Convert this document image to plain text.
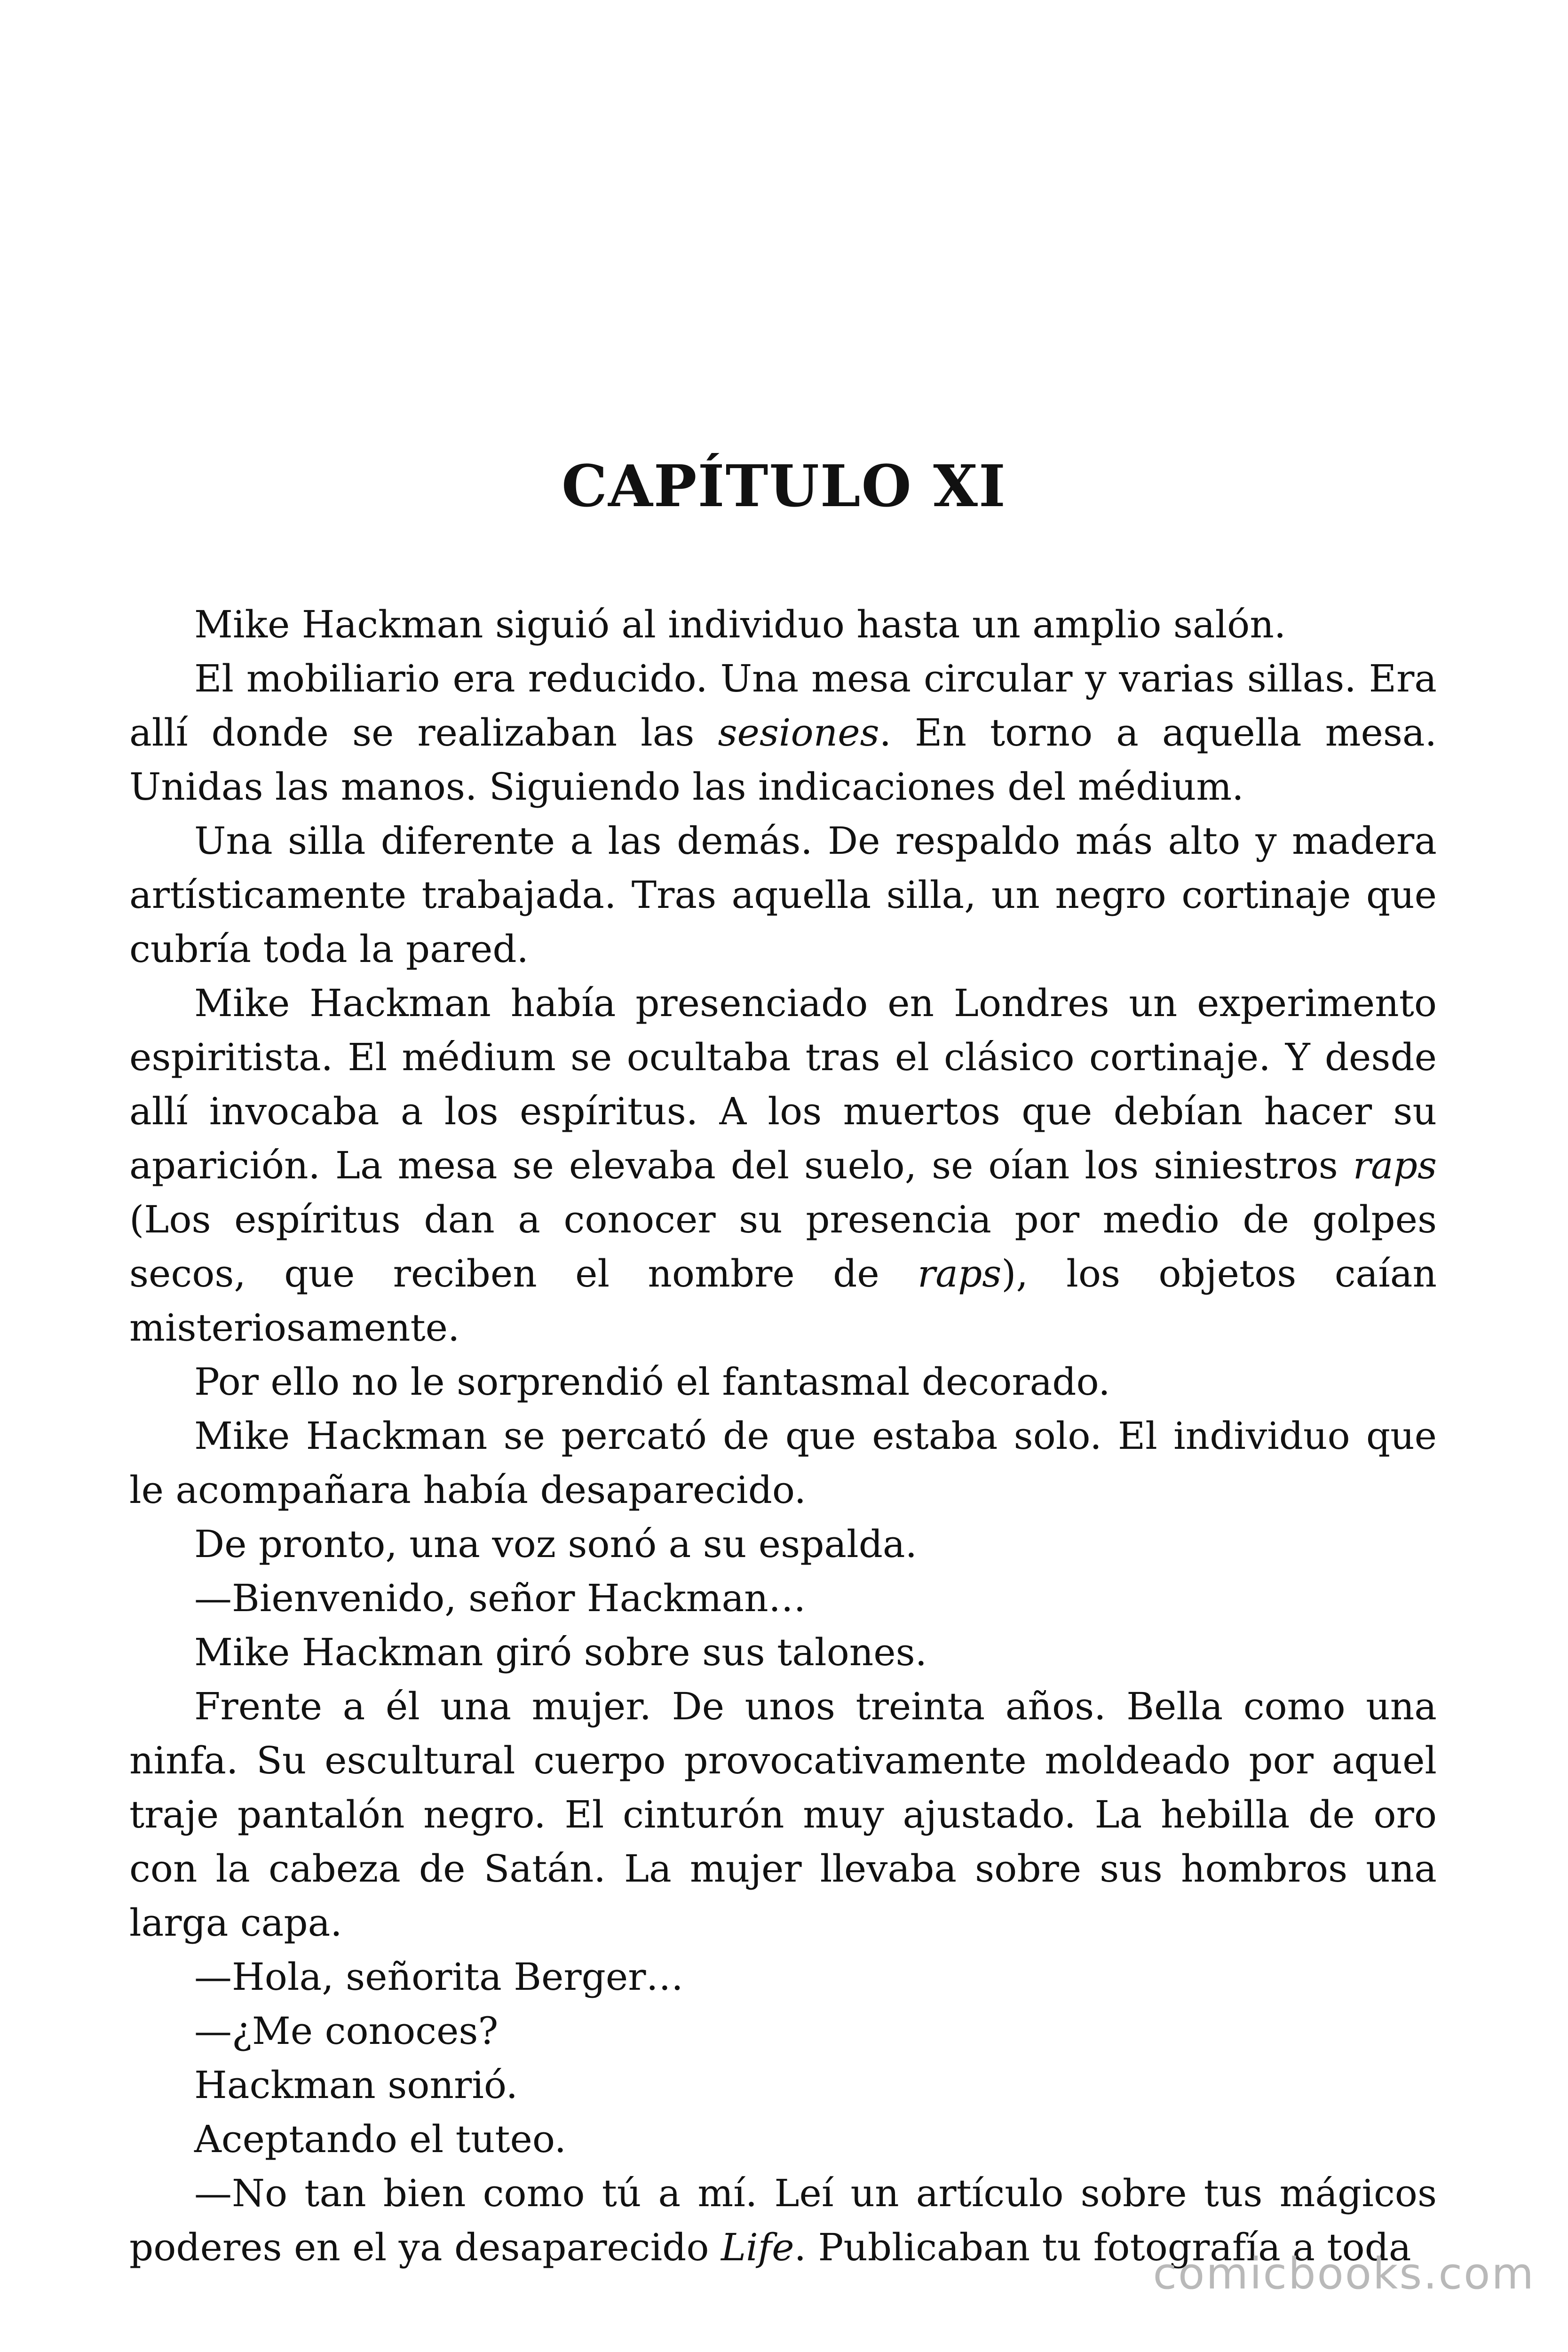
CAPÍTULO XI

Mike Hackman siguió al individuo hasta un amplio salón.

El mobiliario era reducido. Una mesa circular y varias sillas. Era allí donde se realizaban las sesiones. En torno a aquella mesa. Unidas las manos. Siguiendo las indicaciones del médium.

Una silla diferente a las demás. De respaldo más alto y madera artísticamente trabajada. Tras aquella silla, un negro cortinaje que cubría toda la pared.

Mike Hackman había presenciado en Londres un experimento espiritista. El médium se ocultaba tras el clásico cortinaje. Y desde allí invocaba a los espíritus. A los muertos que debían hacer su aparición. La mesa se elevaba del suelo, se oían los siniestros raps (Los espíritus dan a conocer su presencia por medio de golpes secos, que reciben el nombre de raps), los objetos caían misteriosamente.

Por ello no le sorprendió el fantasmal decorado.

Mike Hackman se percató de que estaba solo. El individuo que le acompañara había desaparecido.

De pronto, una voz sonó a su espalda.

—Bienvenido, señor Hackman…

Mike Hackman giró sobre sus talones.

Frente a él una mujer. De unos treinta años. Bella como una ninfa. Su escultural cuerpo provocativamente moldeado por aquel traje pantalón negro. El cinturón muy ajustado. La hebilla de oro con la cabeza de Satán. La mujer llevaba sobre sus hombros una larga capa.

—Hola, señorita Berger…

—¿Me conoces?

Hackman sonrió.

Aceptando el tuteo.

—No tan bien como tú a mí. Leí un artículo sobre tus mágicos poderes en el ya desaparecido Life. Publicaban tu fotografía a toda

comicbooks.com
